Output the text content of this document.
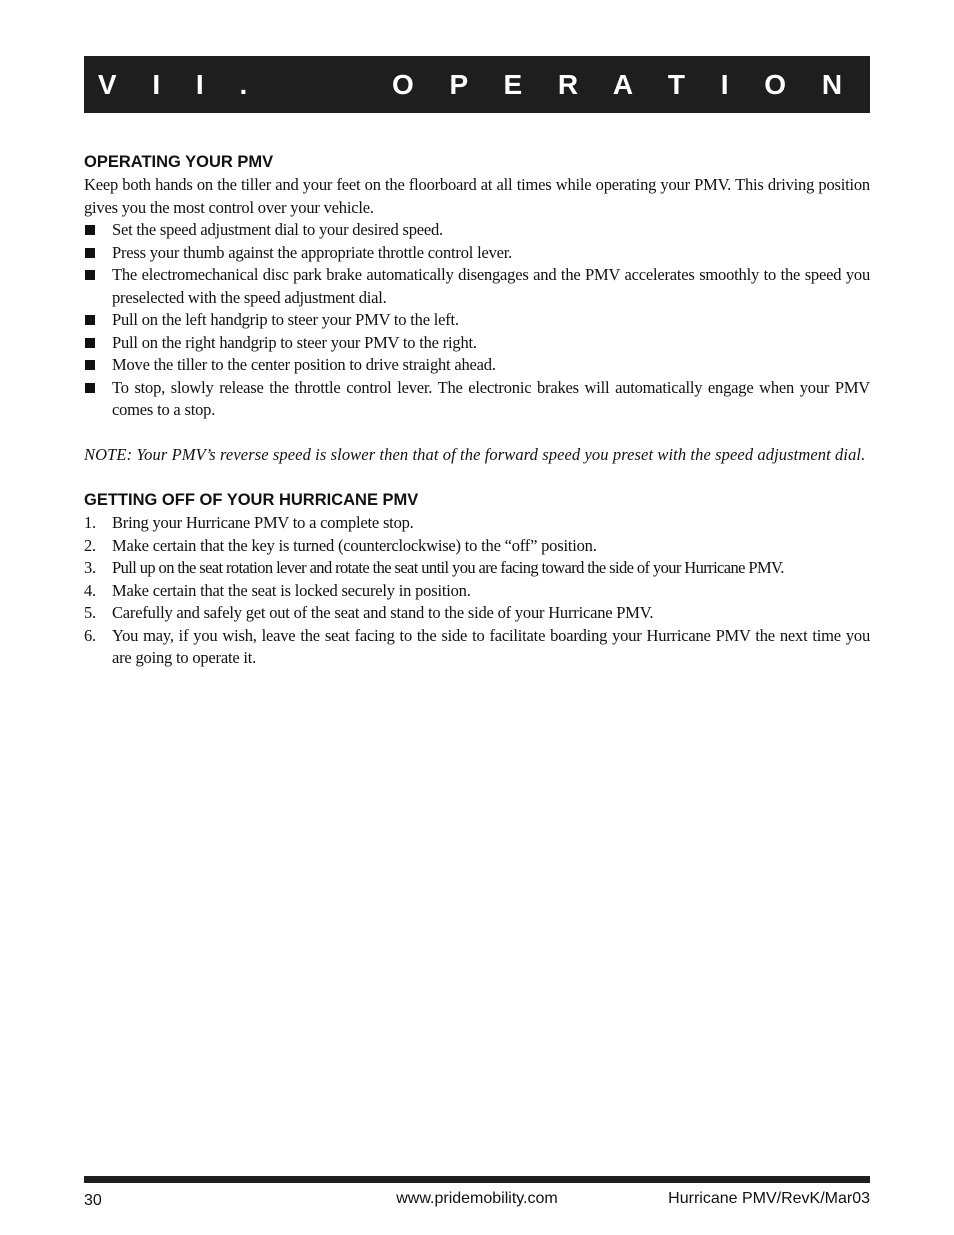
V I I .      O P E R A T I O N
OPERATING YOUR PMV

Keep both hands on the tiller and your feet on the floorboard at all times while operating your PMV. This driving position gives you the most control over your vehicle.

Set the speed adjustment dial to your desired speed.
Press your thumb against the appropriate throttle control lever.
The electromechanical disc park brake automatically disengages and the PMV accelerates smoothly to the speed you preselected with the speed adjustment dial.
Pull on the left handgrip to steer your PMV to the left.
Pull on the right handgrip to steer your PMV to the right.
Move the tiller to the center position to drive straight ahead.
To stop, slowly release the throttle control lever. The electronic brakes will automatically engage when your PMV comes to a stop.

NOTE: Your PMV’s reverse speed is slower then that of the forward speed you preset with the speed adjustment dial.

GETTING OFF OF YOUR HURRICANE PMV
1. Bring your Hurricane PMV to a complete stop.
2. Make certain that the key is turned (counterclockwise) to the “off” position.
3. Pull up on the seat rotation lever and rotate the seat until you are facing toward the side of your Hurricane PMV.
4. Make certain that the seat is locked securely in position.
5. Carefully and safely get out of the seat and stand to the side of your Hurricane PMV.
6. You may, if you wish, leave the seat facing to the side to facilitate boarding your Hurricane PMV the next time you are going to operate it.
30	www.pridemobility.com	Hurricane PMV/RevK/Mar03
